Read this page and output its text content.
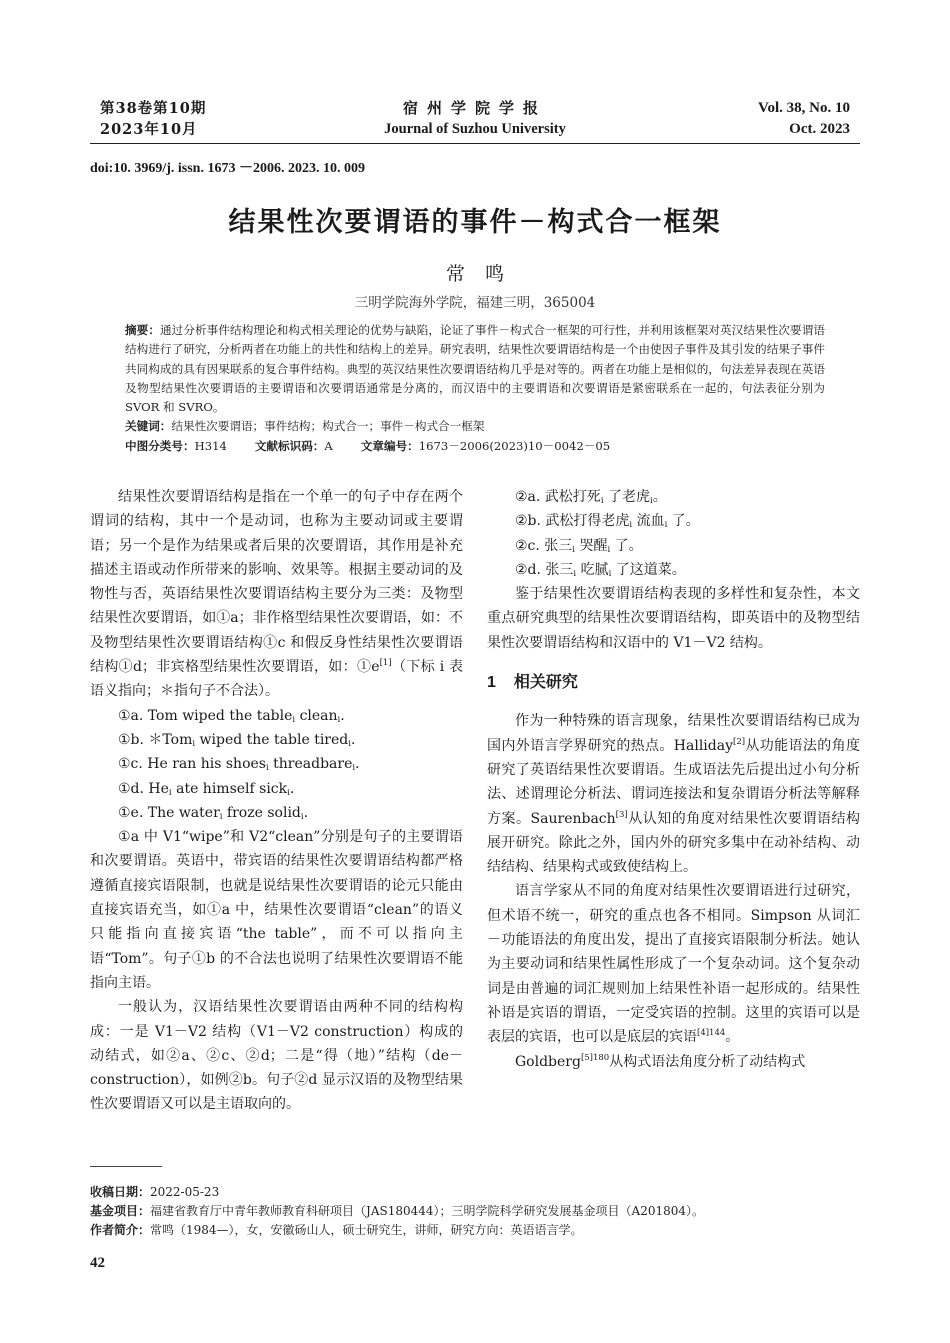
第38卷第10期
2023年10月
宿州学院学报
Journal of Suzhou University
Vol. 38, No. 10
Oct. 2023
doi:10. 3969/j. issn. 1673 －2006. 2023. 10. 009
结果性次要谓语的事件－构式合一框架
常鸣
三明学院海外学院，福建三明，365004

摘要：通过分析事件结构理论和构式相关理论的优势与缺陷，论证了事件－构式合一框架的可行性，并利用该框架对英汉结果性次要谓语结构进行了研究，分析两者在功能上的共性和结构上的差异。研究表明，结果性次要谓语结构是一个由使因子事件及其引发的结果子事件共同构成的具有因果联系的复合事件结构。典型的英汉结果性次要谓语结构几乎是对等的。两者在功能上是相似的，句法差异表现在英语及物型结果性次要谓语的主要谓语和次要谓语通常是分离的，而汉语中的主要谓语和次要谓语是紧密联系在一起的，句法表征分别为 SVOR 和 SVRO。

关键词：结果性次要谓语；事件结构；构式合一；事件－构式合一框架

中图分类号：H314 文献标识码：A 文章编号：1673－2006(2023)10－0042－05

结果性次要谓语结构是指在一个单一的句子中存在两个谓词的结构，其中一个是动词，也称为主要动词或主要谓语；另一个是作为结果或者后果的次要谓语，其作用是补充描述主语或动作所带来的影响、效果等。根据主要动词的及物性与否，英语结果性次要谓语结构主要分为三类：及物型结果性次要谓语，如①a；非作格型结果性次要谓语，如：不及物型结果性次要谓语结构①c 和假反身性结果性次要谓语结构①d；非宾格型结果性次要谓语，如：①e[1]（下标 i 表语义指向；＊指句子不合法）。

①a. Tom wiped the table$_i$ clean$_i$.

①b. ＊Tom$_i$ wiped the table tired$_i$.

①c. He ran his shoes$_i$ threadbare$_i$.

①d. $He_i$ ate himself sick$_i$.

①e. The water$_i$ froze solid$_i$.

①a 中 V1“wipe”和 V2“clean”分别是句子的主要谓语和次要谓语。英语中，带宾语的结果性次要谓语结构都严格遵循直接宾语限制，也就是说结果性次要谓语的论元只能由直接宾语充当，如①a 中，结果性次要谓语“clean”的语义只能指向直接宾语“the table”，而不可以指向主语“Tom”。句子①b 的不合法也说明了结果性次要谓语不能指向主语。

一般认为，汉语结果性次要谓语由两种不同的结构构成：一是 V1－V2 结构（V1－V2 construction）构成的动结式，如②a、②c、②d；二是“得（地）”结构（de－construction），如例②b。句子②d 显示汉语的及物型结果性次要谓语又可以是主语取向的。

②a. 武松打死$_i$ 了老虎$_i$。

②b. 武松打得老虎$_i$ 流血$_i$ 了。

②c. 张三$_i$ 哭醒$_i$ 了。

②d. 张三$_i$ 吃腻$_i$ 了这道菜。

鉴于结果性次要谓语结构表现的多样性和复杂性，本文重点研究典型的结果性次要谓语结构，即英语中的及物型结果性次要谓语结构和汉语中的 V1－V2 结构。

1 相关研究

作为一种特殊的语言现象，结果性次要谓语结构已成为国内外语言学界研究的热点。Halliday[2]从功能语法的角度研究了英语结果性次要谓语。生成语法先后提出过小句分析法、述谓理论分析法、谓词连接法和复杂谓语分析法等解释方案。Saurenbach[3]从认知的角度对结果性次要谓语结构展开研究。除此之外，国内外的研究多集中在动补结构、动结结构、结果构式或致使结构上。

语言学家从不同的角度对结果性次要谓语进行过研究，但术语不统一，研究的重点也各不相同。Simpson 从词汇－功能语法的角度出发，提出了直接宾语限制分析法。她认为主要动词和结果性属性形成了一个复杂动词。这个复杂动词是由普遍的词汇规则加上结果性补语一起形成的。结果性补语是宾语的谓语，一定受宾语的控制。这里的宾语可以是表层的宾语，也可以是底层的宾语$^{[4]144}$。

Goldberg$^{[5]180}$从构式语法角度分析了动结构式

收稿日期：2022-05-23

基金项目：福建省教育厅中青年教师教育科研项目（JAS180444）；三明学院科学研究发展基金项目（A201804）。

作者简介：常鸣（1984—），女，安徽砀山人，硕士研究生，讲师，研究方向：英语语言学。

42
